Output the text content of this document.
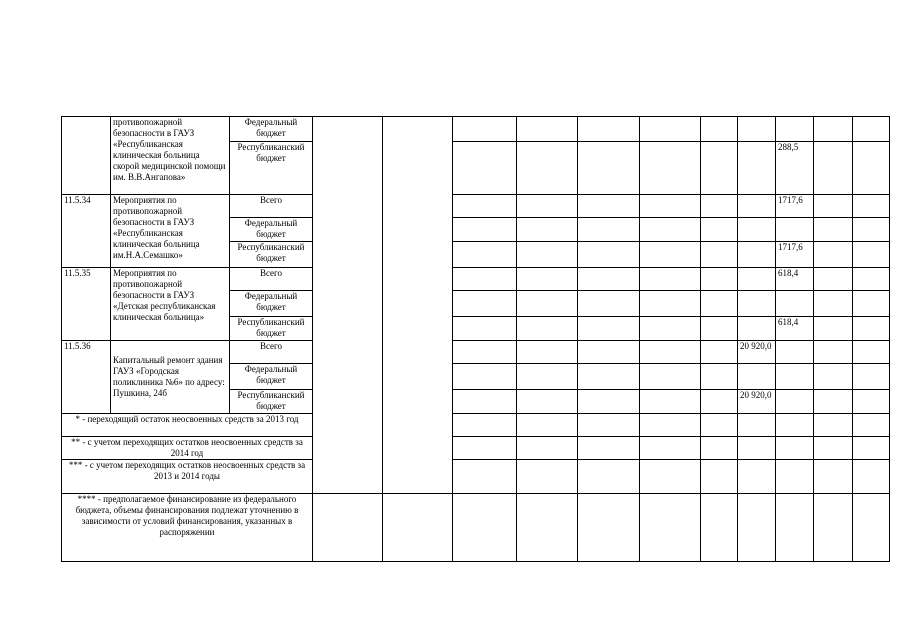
	противопожарной безопасности в ГАУЗ «Республиканская клиническая больница скорой медицинской помощи им. В.В.Ангапова»	Федеральный бюджет											
		Республиканский бюджет									288,5		
11.5.34	Мероприятия по противопожарной безопасности в ГАУЗ «Республиканская клиническая больница им.Н.А.Семашко»	Всего									1717,6		
		Федеральный бюджет											
		Республиканский бюджет									1717,6		
11.5.35	Мероприятия по противопожарной безопасности в ГАУЗ «Детская республиканская клиническая больница»	Всего									618,4		
		Федеральный бюджет											
		Республиканский бюджет									618,4		
11.5.36	Капитальный ремонт здания ГАУЗ «Городская поликлиника №6» по адресу: Пушкина, 24б	Всего								20 920,0			
		Федеральный бюджет											
		Республиканский бюджет								20 920,0			
* - переходящий остаток неосвоенных средств за 2013 год													
** - с учетом переходящих остатков неосвоенных средств за 2014 год													
*** - с учетом переходящих остатков неосвоенных средств за 2013 и 2014 годы													
**** - предполагаемое финансирование из федерального бюджета, объемы финансирования подлежат уточнению в зависимости от условий финансирования, указанных в распоряжении													
